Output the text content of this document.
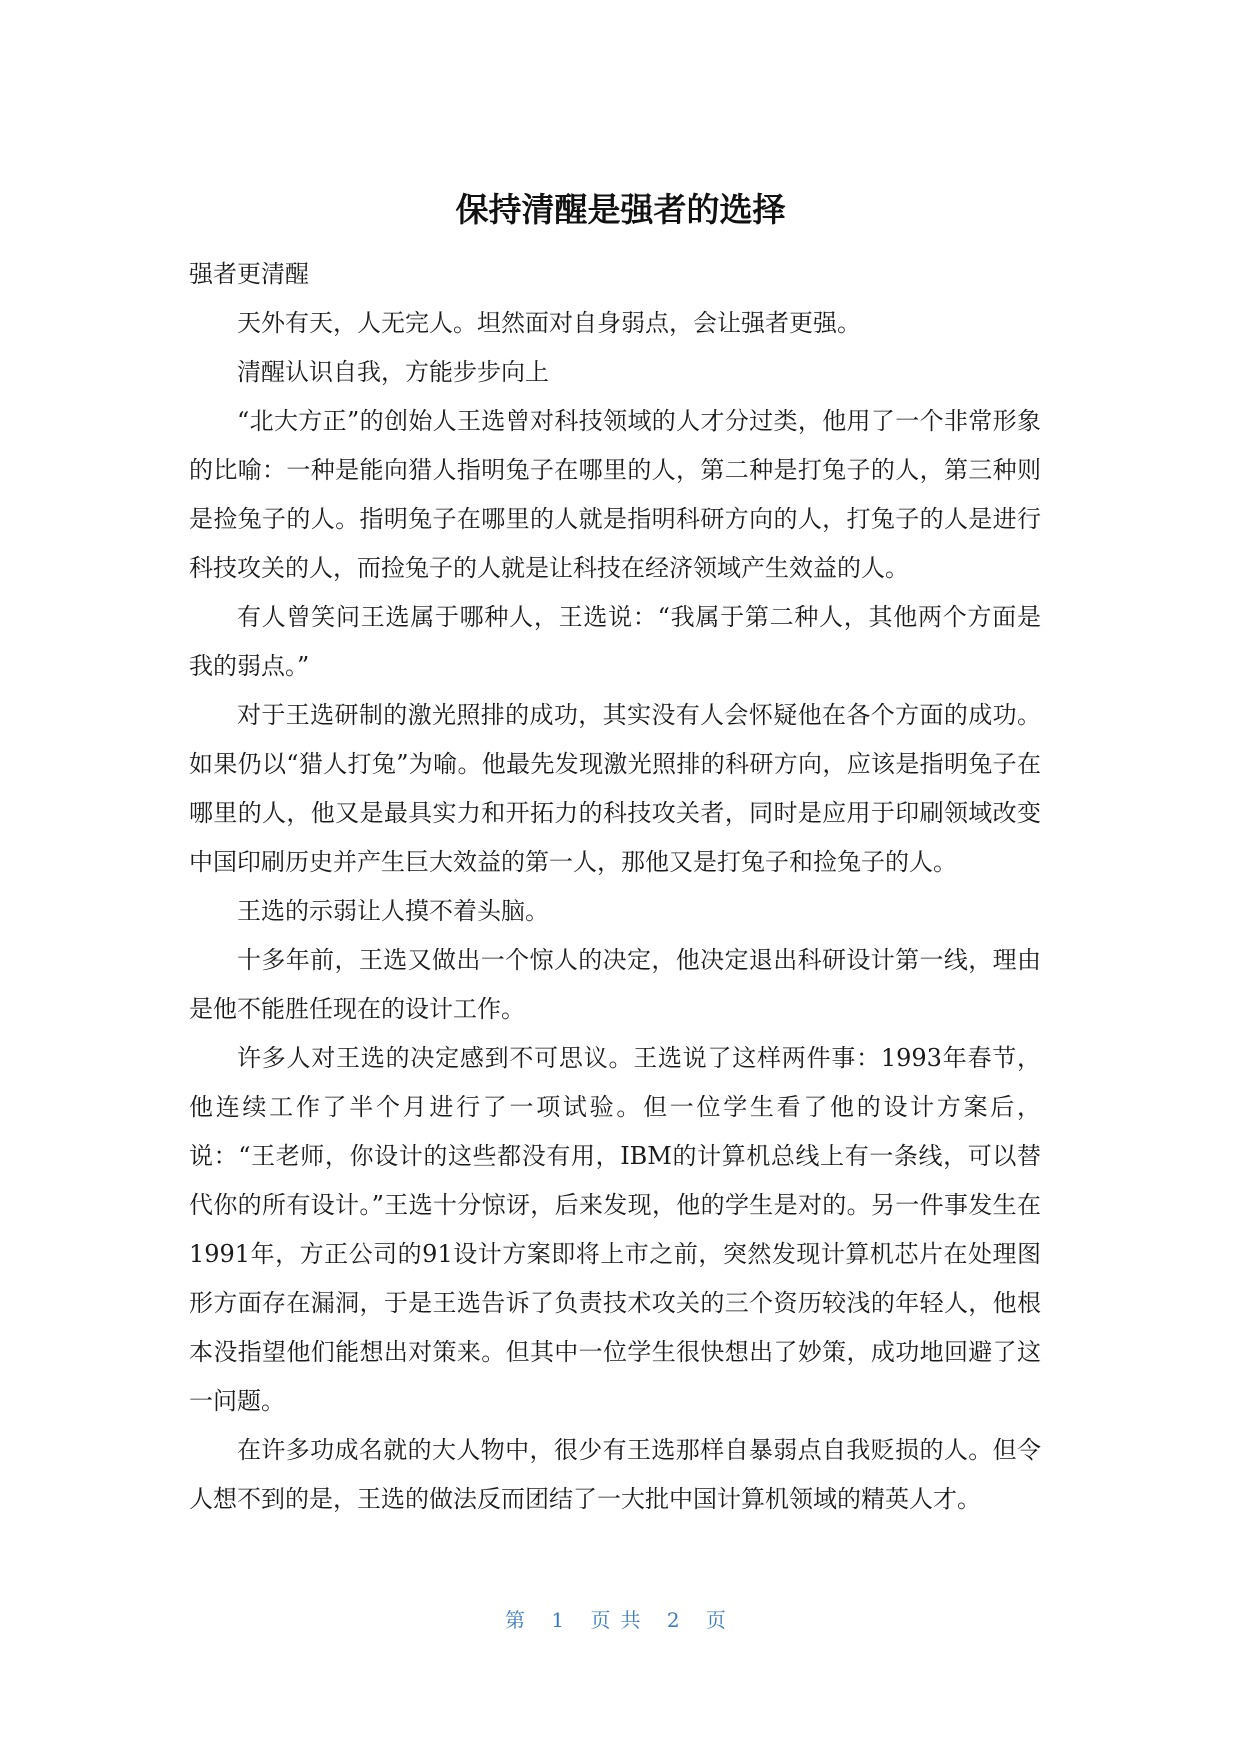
保持清醒是强者的选择

强者更清醒

天外有天，人无完人。坦然面对自身弱点，会让强者更强。

清醒认识自我，方能步步向上

“北大方正”的创始人王选曾对科技领域的人才分过类，他用了一个非常形象的比喻：一种是能向猎人指明兔子在哪里的人，第二种是打兔子的人，第三种则是捡兔子的人。指明兔子在哪里的人就是指明科研方向的人，打兔子的人是进行科技攻关的人，而捡兔子的人就是让科技在经济领域产生效益的人。

有人曾笑问王选属于哪种人，王选说：“我属于第二种人，其他两个方面是我的弱点。”

对于王选研制的激光照排的成功，其实没有人会怀疑他在各个方面的成功。如果仍以“猎人打兔”为喻。他最先发现激光照排的科研方向，应该是指明兔子在哪里的人，他又是最具实力和开拓力的科技攻关者，同时是应用于印刷领域改变中国印刷历史并产生巨大效益的第一人，那他又是打兔子和捡兔子的人。

王选的示弱让人摸不着头脑。

十多年前，王选又做出一个惊人的决定，他决定退出科研设计第一线，理由是他不能胜任现在的设计工作。

许多人对王选的决定感到不可思议。王选说了这样两件事：1993年春节，他连续工作了半个月进行了一项试验。但一位学生看了他的设计方案后，说：“王老师，你设计的这些都没有用，IBM的计算机总线上有一条线，可以替代你的所有设计。”王选十分惊讶，后来发现，他的学生是对的。另一件事发生在1991年，方正公司的91设计方案即将上市之前，突然发现计算机芯片在处理图形方面存在漏洞，于是王选告诉了负责技术攻关的三个资历较浅的年轻人，他根本没指望他们能想出对策来。但其中一位学生很快想出了妙策，成功地回避了这一问题。

在许多功成名就的大人物中，很少有王选那样自暴弱点自我贬损的人。但令人想不到的是，王选的做法反而团结了一大批中国计算机领域的精英人才。

第 1 页共 2 页
